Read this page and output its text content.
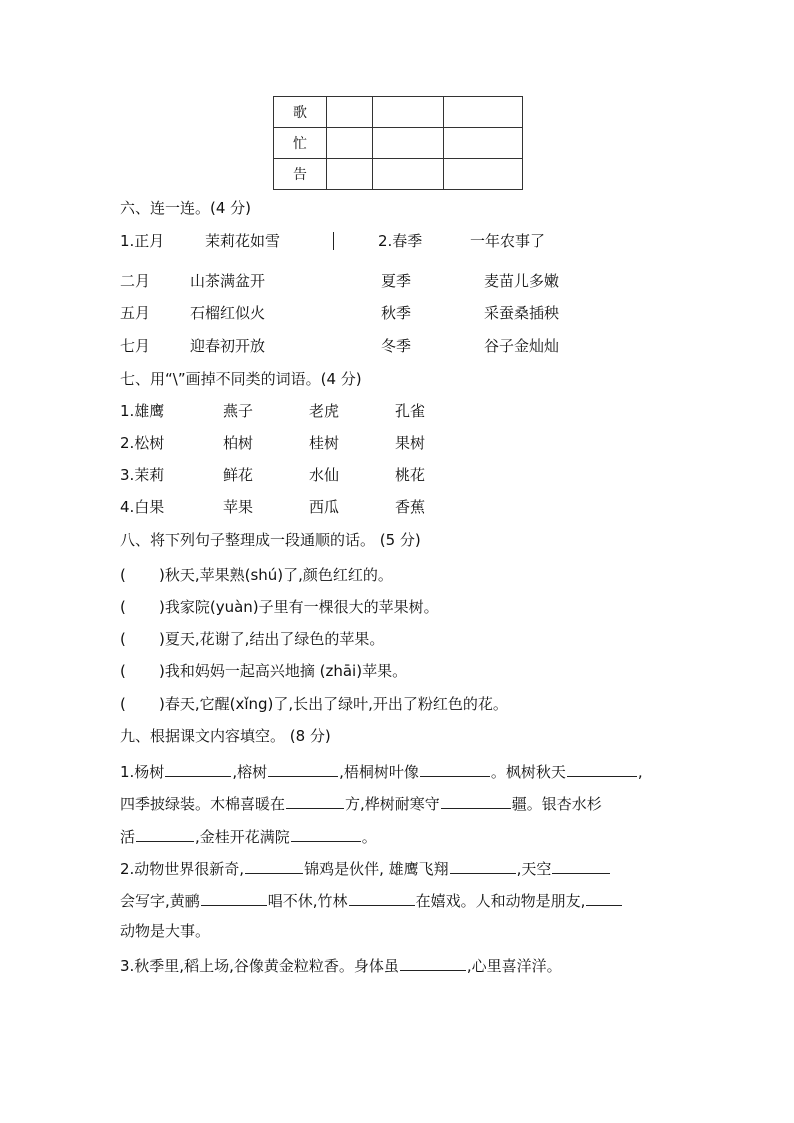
歌			
忙			
告			
六、连一连。(4 分)
1.正月	茉莉花如雪	2.春季	一年农事了
二月	山茶满盆开	夏季	麦苗儿多嫩
五月	石榴红似火	秋季	采蚕桑插秧
七月	迎春初开放	冬季	谷子金灿灿
七、用“\”画掉不同类的词语。(4 分)
1.雄鹰	燕子	老虎	孔雀
2.松树	柏树	桂树	果树
3.茉莉	鲜花	水仙	桃花
4.白果	苹果	西瓜	香蕉
八、将下列句子整理成一段通顺的话。 (5 分)
( )秋天,苹果熟(shú)了,颜色红红的。
( )我家院(yuàn)子里有一棵很大的苹果树。
( )夏天,花谢了,结出了绿色的苹果。
( )我和妈妈一起高兴地摘 (zhāi)苹果。
( )春天,它醒(xǐng)了,长出了绿叶,开出了粉红色的花。
九、根据课文内容填空。 (8 分)
1.杨树	,榕树	,梧桐树叶像	。枫树秋天	,
四季披绿装。木棉喜暖在	方,桦树耐寒守	疆。银杏水杉
活	,金桂开花满院	。
2.动物世界很新奇,	锦鸡是伙伴, 雄鹰飞翔	,天空
会写字,黄鹂	唱不休,竹林	在嬉戏。人和动物是朋友,
动物是大事。
3.秋季里,稻上场,谷像黄金粒粒香。身体虽	,心里喜洋洋。
